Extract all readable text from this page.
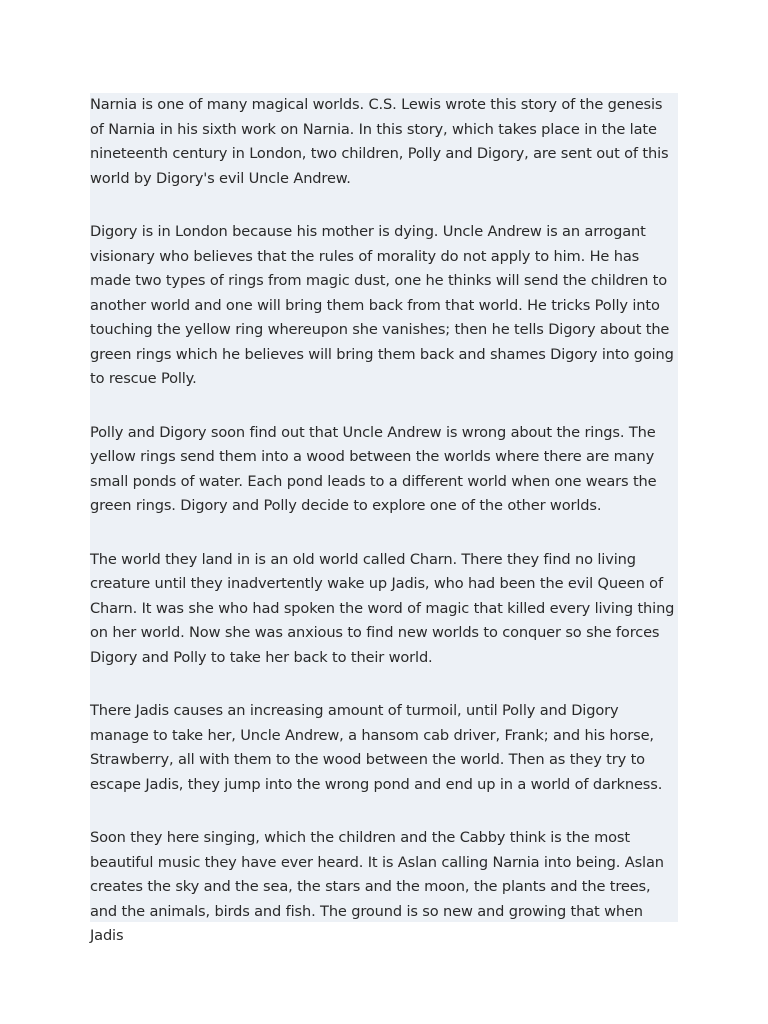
Narnia is one of many magical worlds. C.S. Lewis wrote this story of the genesis of Narnia in his sixth work on Narnia. In this story, which takes place in the late nineteenth century in London, two children, Polly and Digory, are sent out of this world by Digory's evil Uncle Andrew.

Digory is in London because his mother is dying. Uncle Andrew is an arrogant visionary who believes that the rules of morality do not apply to him. He has made two types of rings from magic dust, one he thinks will send the children to another world and one will bring them back from that world. He tricks Polly into touching the yellow ring whereupon she vanishes; then he tells Digory about the green rings which he believes will bring them back and shames Digory into going to rescue Polly.

Polly and Digory soon find out that Uncle Andrew is wrong about the rings. The yellow rings send them into a wood between the worlds where there are many small ponds of water. Each pond leads to a different world when one wears the green rings. Digory and Polly decide to explore one of the other worlds.

The world they land in is an old world called Charn. There they find no living creature until they inadvertently wake up Jadis, who had been the evil Queen of Charn. It was she who had spoken the word of magic that killed every living thing on her world. Now she was anxious to find new worlds to conquer so she forces Digory and Polly to take her back to their world.

There Jadis causes an increasing amount of turmoil, until Polly and Digory manage to take her, Uncle Andrew, a hansom cab driver, Frank; and his horse, Strawberry, all with them to the wood between the world. Then as they try to escape Jadis, they jump into the wrong pond and end up in a world of darkness.

Soon they here singing, which the children and the Cabby think is the most beautiful music they have ever heard. It is Aslan calling Narnia into being. Aslan creates the sky and the sea, the stars and the moon, the plants and the trees, and the animals, birds and fish. The ground is so new and growing that when Jadis
